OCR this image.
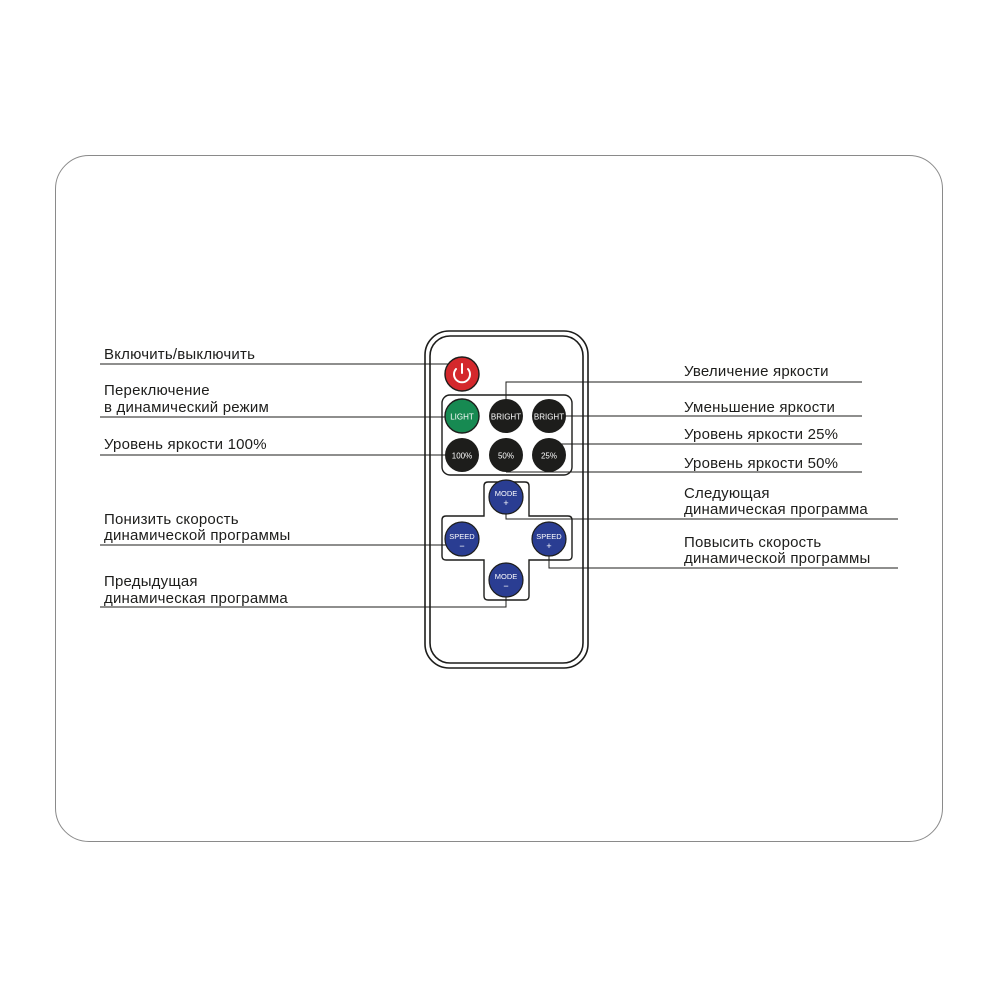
LIGHT BRIGHT BRIGHT
100%	50%	25%
MODE
+
SPEED
−
SPEED
+
MODE
−
Включить/выключить
Переключение
в динамический режим
Уровень яркости 100%
Понизить скорость
динамической программы
Предыдущая
динамическая программа
Увеличение яркости
Уменьшение яркости
Уровень яркости 25%
Уровень яркости 50%
Следующая
динамическая программа
Повысить скорость
динамической программы
